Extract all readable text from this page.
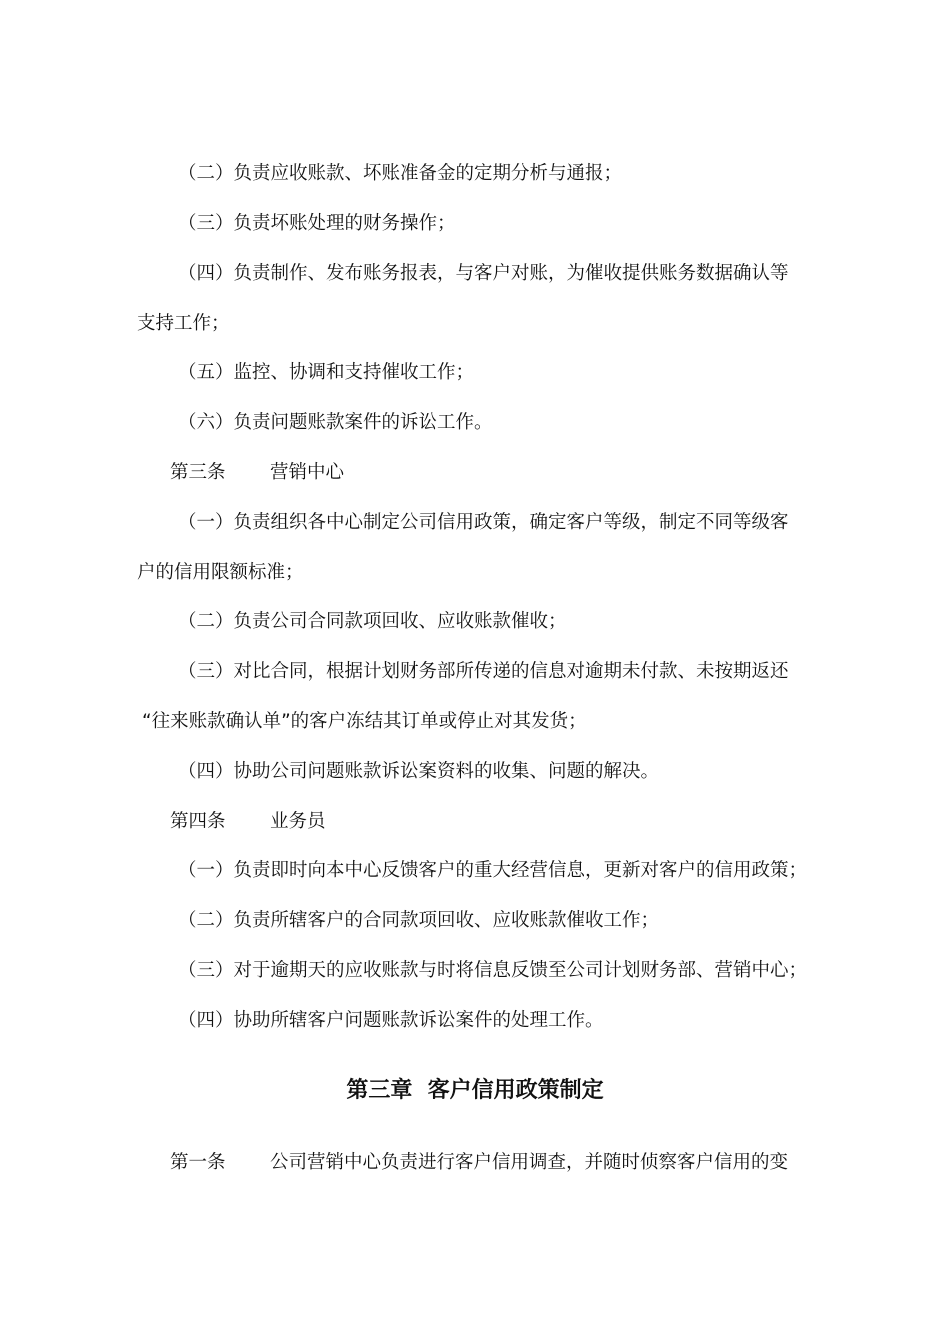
（二）负责应收账款、坏账准备金的定期分析与通报；
（三）负责坏账处理的财务操作；
（四）负责制作、发布账务报表，与客户对账，为催收提供账务数据确认等
支持工作；
（五）监控、协调和支持催收工作；
（六）负责问题账款案件的诉讼工作。
第三条 营销中心
（一）负责组织各中心制定公司信用政策，确定客户等级，制定不同等级客
户的信用限额标准；
（二）负责公司合同款项回收、应收账款催收；
（三）对比合同，根据计划财务部所传递的信息对逾期未付款、未按期返还
“往来账款确认单”的客户冻结其订单或停止对其发货；
（四）协助公司问题账款诉讼案资料的收集、问题的解决。
第四条 业务员
（一）负责即时向本中心反馈客户的重大经营信息，更新对客户的信用政策；
（二）负责所辖客户的合同款项回收、应收账款催收工作；
（三）对于逾期天的应收账款与时将信息反馈至公司计划财务部、营销中心；
（四）协助所辖客户问题账款诉讼案件的处理工作。
第三章  客户信用政策制定
第一条 公司营销中心负责进行客户信用调查，并随时侦察客户信用的变
